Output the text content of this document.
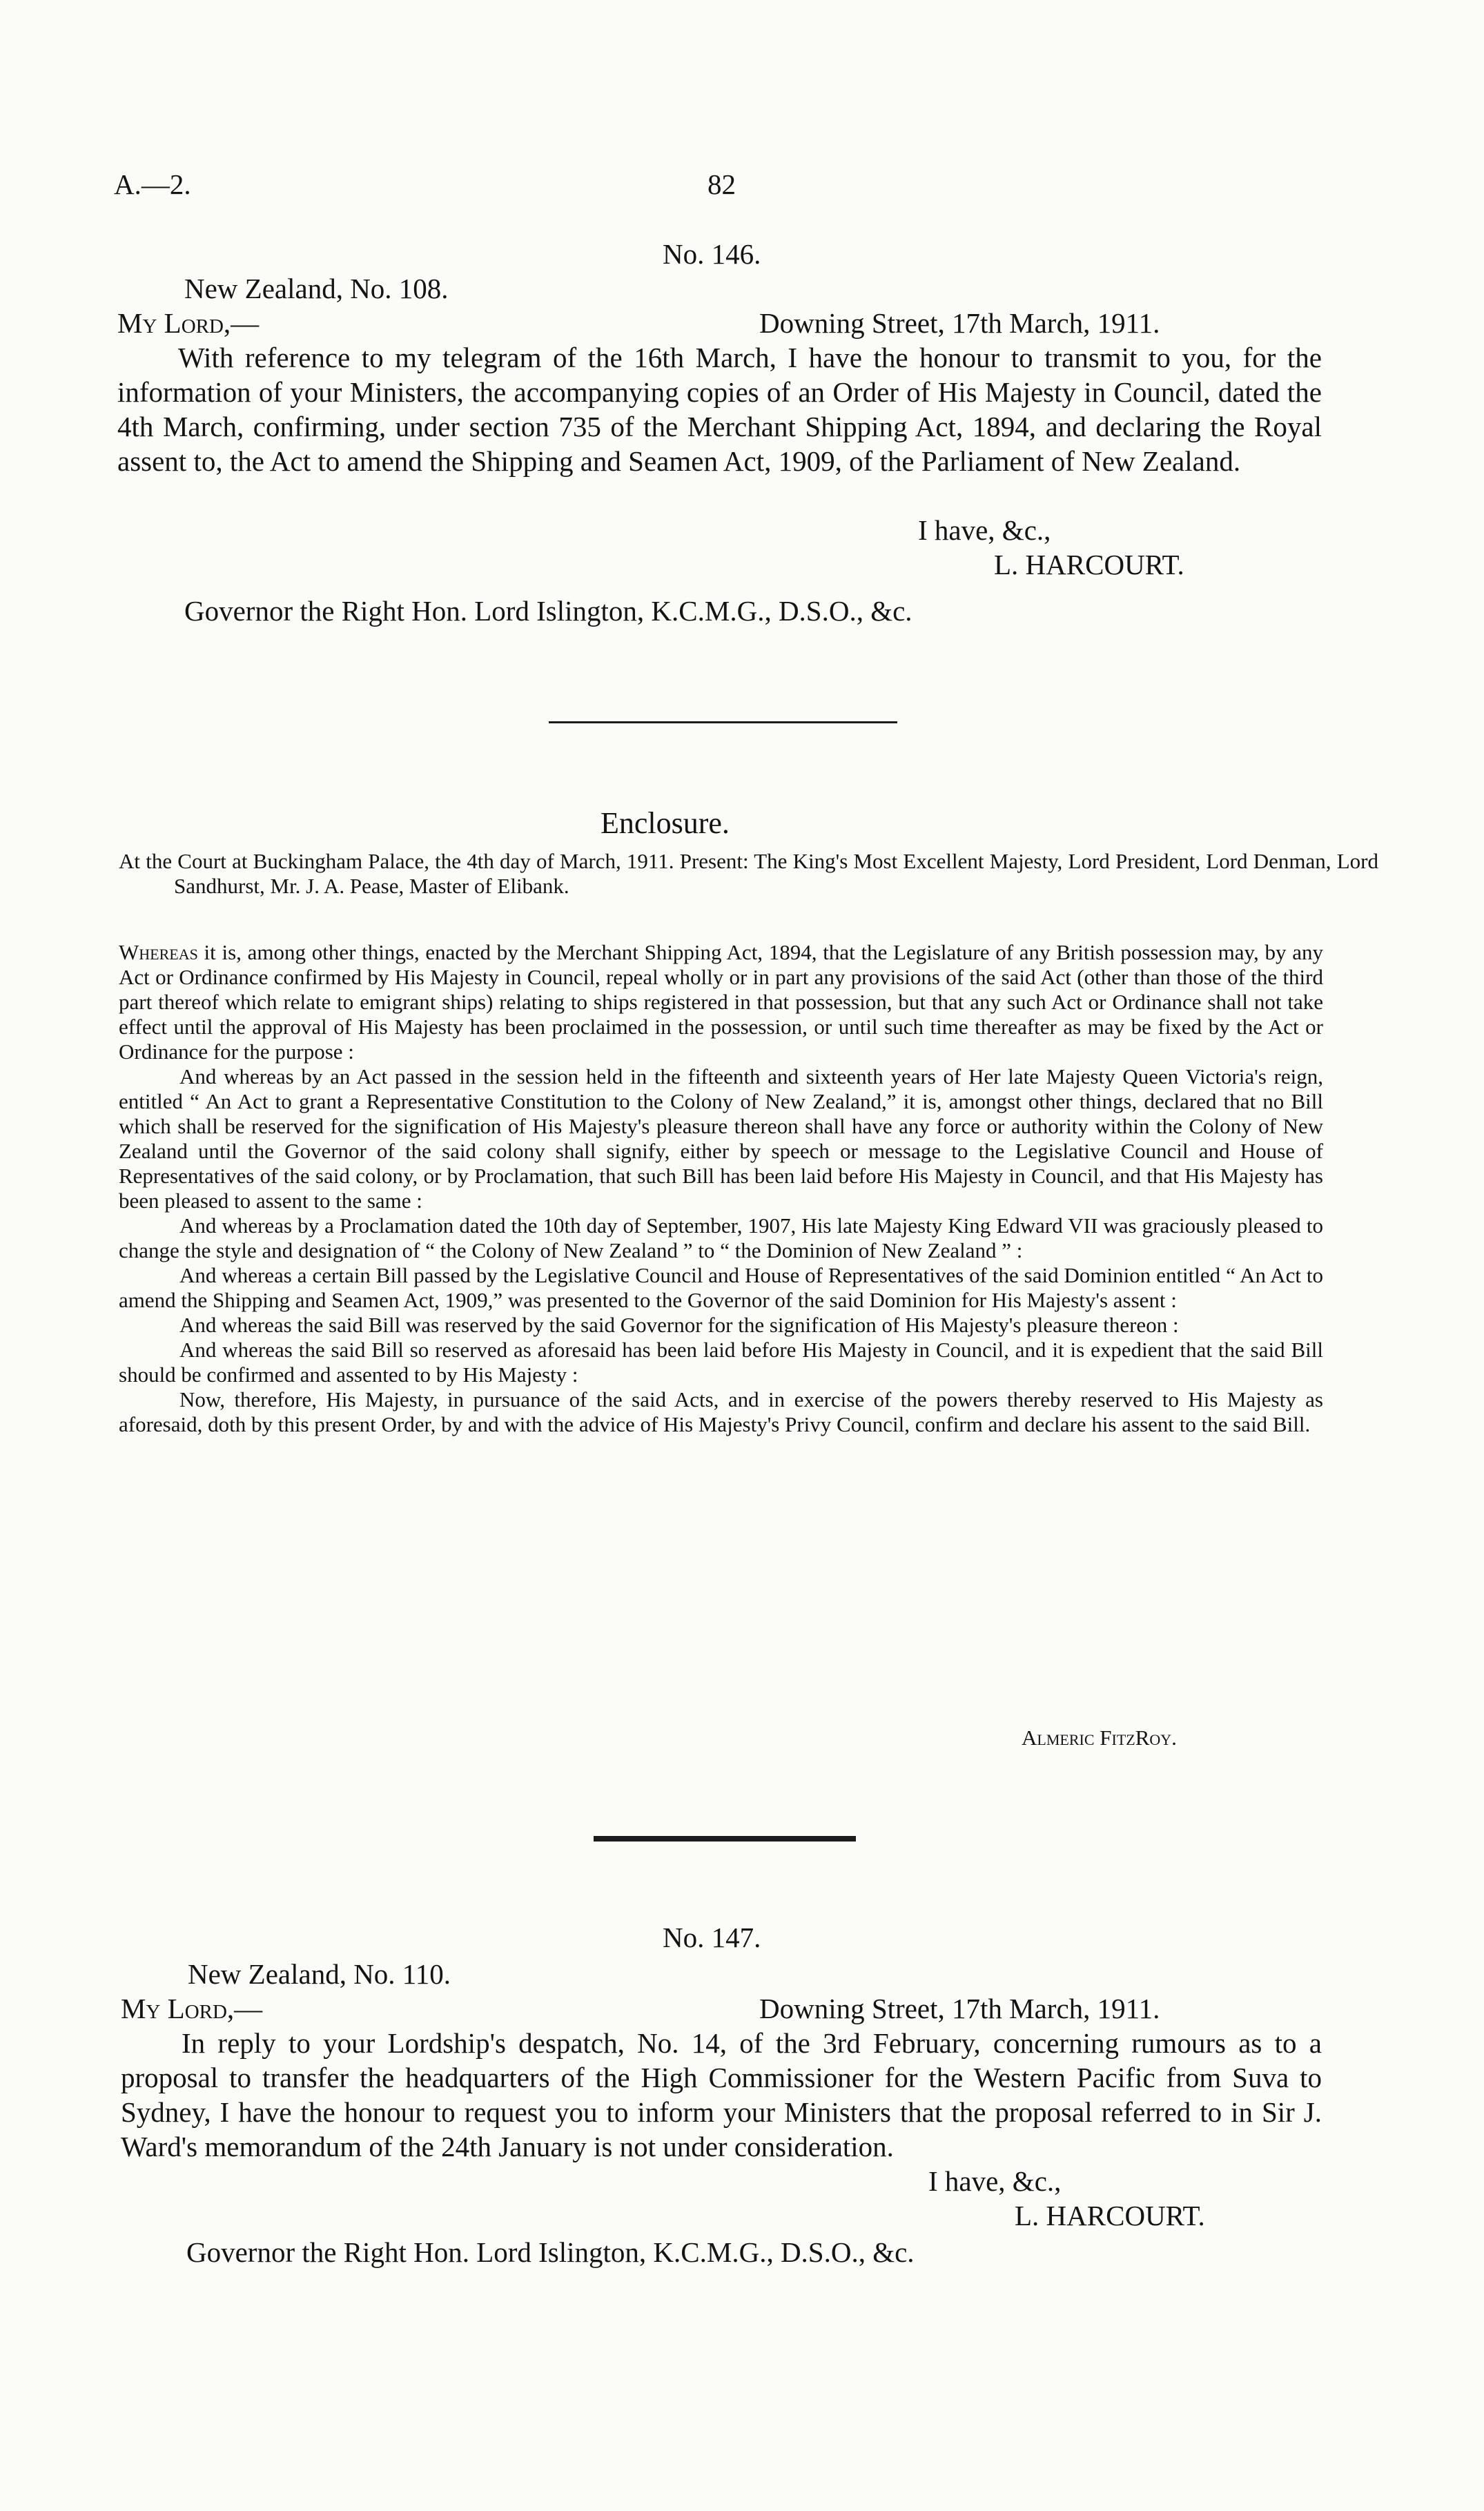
A.—2.	82
No. 146.
New Zealand, No. 108.
My Lord,—	Downing Street, 17th March, 1911.
With reference to my telegram of the 16th March, I have the honour to transmit to you, for the information of your Ministers, the accompanying copies of an Order of His Majesty in Council, dated the 4th March, confirming, under section 735 of the Merchant Shipping Act, 1894, and declaring the Royal assent to, the Act to amend the Shipping and Seamen Act, 1909, of the Parliament of New Zealand.
I have, &c.,
L. HARCOURT.
Governor the Right Hon. Lord Islington, K.C.M.G., D.S.O., &c.
Enclosure.
At the Court at Buckingham Palace, the 4th day of March, 1911. Present: The King's Most Excellent Majesty, Lord President, Lord Denman, Lord Sandhurst, Mr. J. A. Pease, Master of Elibank.

Whereas it is, among other things, enacted by the Merchant Shipping Act, 1894, that the Legislature of any British possession may, by any Act or Ordinance confirmed by His Majesty in Council, repeal wholly or in part any provisions of the said Act (other than those of the third part thereof which relate to emigrant ships) relating to ships registered in that possession, but that any such Act or Ordinance shall not take effect until the approval of His Majesty has been proclaimed in the possession, or until such time thereafter as may be fixed by the Act or Ordinance for the purpose :

And whereas by an Act passed in the session held in the fifteenth and sixteenth years of Her late Majesty Queen Victoria's reign, entitled “ An Act to grant a Representative Constitution to the Colony of New Zealand,” it is, amongst other things, declared that no Bill which shall be reserved for the signification of His Majesty's pleasure thereon shall have any force or authority within the Colony of New Zealand until the Governor of the said colony shall signify, either by speech or message to the Legislative Council and House of Representatives of the said colony, or by Proclamation, that such Bill has been laid before His Majesty in Council, and that His Majesty has been pleased to assent to the same :

And whereas by a Proclamation dated the 10th day of September, 1907, His late Majesty King Edward VII was graciously pleased to change the style and designation of “ the Colony of New Zealand ” to “ the Dominion of New Zealand ” :

And whereas a certain Bill passed by the Legislative Council and House of Representatives of the said Dominion entitled “ An Act to amend the Shipping and Seamen Act, 1909,” was presented to the Governor of the said Dominion for His Majesty's assent :

And whereas the said Bill was reserved by the said Governor for the signification of His Majesty's pleasure thereon :

And whereas the said Bill so reserved as aforesaid has been laid before His Majesty in Council, and it is expedient that the said Bill should be confirmed and assented to by His Majesty :

Now, therefore, His Majesty, in pursuance of the said Acts, and in exercise of the powers thereby reserved to His Majesty as aforesaid, doth by this present Order, by and with the advice of His Majesty's Privy Council, confirm and declare his assent to the said Bill.

Almeric FitzRoy.
No. 147.
New Zealand, No. 110.
My Lord,—	Downing Street, 17th March, 1911.
In reply to your Lordship's despatch, No. 14, of the 3rd February, concerning rumours as to a proposal to transfer the headquarters of the High Commissioner for the Western Pacific from Suva to Sydney, I have the honour to request you to inform your Ministers that the proposal referred to in Sir J. Ward's memorandum of the 24th January is not under consideration.
I have, &c.,
L. HARCOURT.
Governor the Right Hon. Lord Islington, K.C.M.G., D.S.O., &c.
